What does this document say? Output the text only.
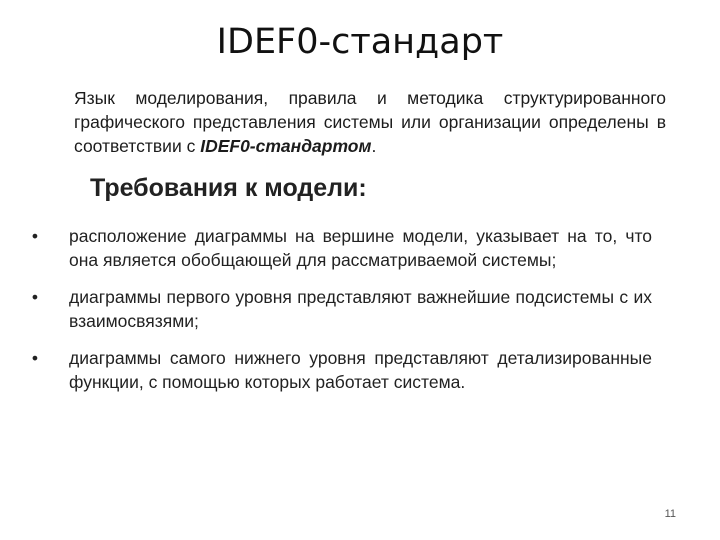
IDEF0-стандарт
Язык моделирования, правила и методика структурированного графического представления системы или организации определены в соответствии с IDEF0-стандартом.
Требования к модели:
• расположение диаграммы на вершине модели, указывает на то, что она является обобщающей для рассматриваемой системы;
• диаграммы первого уровня представляют важнейшие подсистемы с их взаимосвязями;
• диаграммы самого нижнего уровня представляют детализированные функции, с помощью которых работает система.
11
